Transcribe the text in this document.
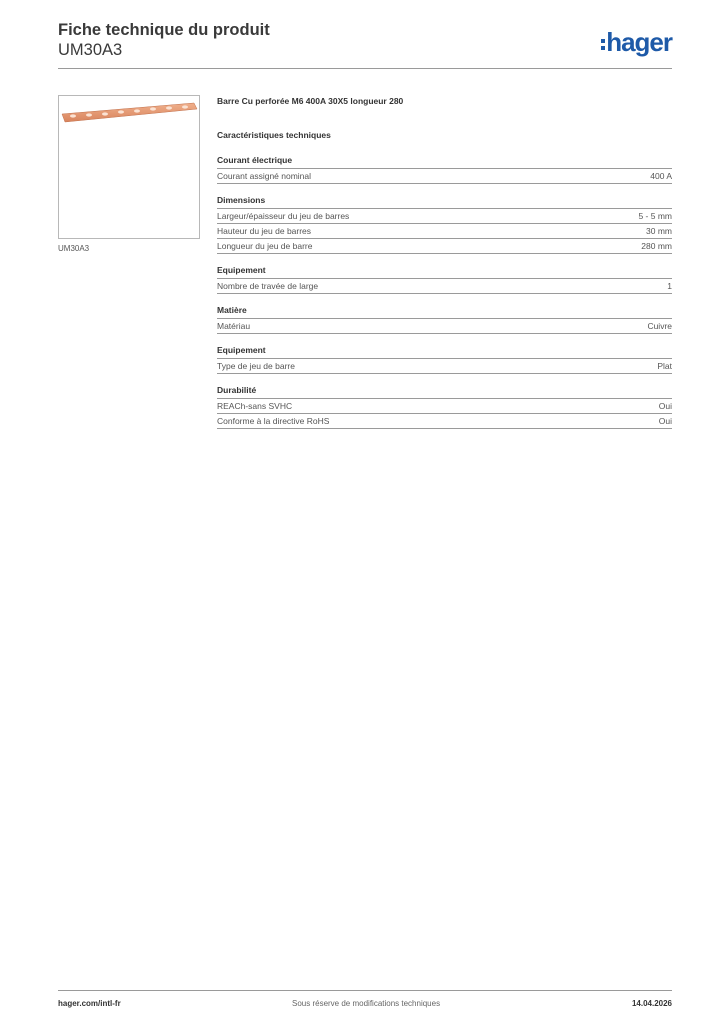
Fiche technique du produit
UM30A3	hager
UM30A3
Barre Cu perforée M6 400A 30X5 longueur 280
Caractéristiques techniques
Courant électrique
Courant assigné nominal	400 A
Dimensions
Largeur/épaisseur du jeu de barres	5 - 5 mm
Hauteur du jeu de barres	30 mm
Longueur du jeu de barre	280 mm
Equipement
Nombre de travée de large	1
Matière
Matériau	Cuivre
Equipement
Type de jeu de barre	Plat
Durabilité
REACh-sans SVHC	Oui
Conforme à la directive RoHS	Oui
hager.com/intl-fr	Sous réserve de modifications techniques	14.04.2026
